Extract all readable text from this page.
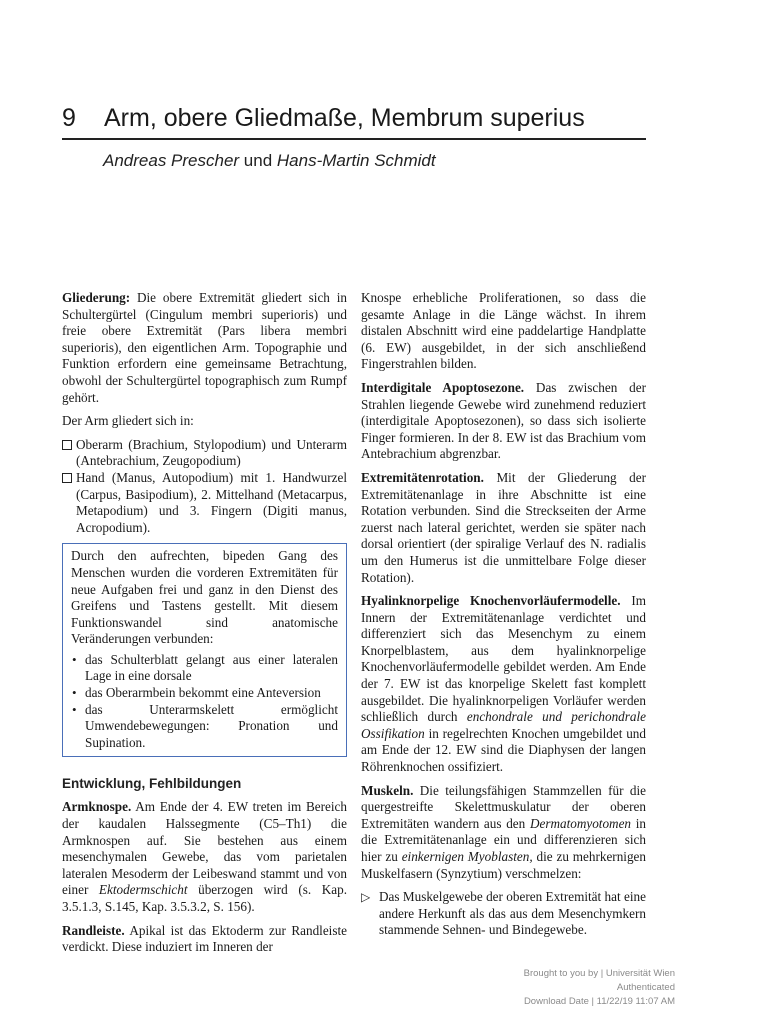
9 Arm, obere Gliedmaße, Membrum superius

Andreas Prescher und Hans-Martin Schmidt

Gliederung: Die obere Extremität gliedert sich in Schultergürtel (Cingulum membri superioris) und freie obere Extremität (Pars libera membri superioris), den eigentlichen Arm. Topographie und Funktion erfordern eine gemeinsame Betrachtung, obwohl der Schultergürtel topographisch zum Rumpf gehört.

Der Arm gliedert sich in:

Oberarm (Brachium, Stylopodium) und Unterarm (Antebrachium, Zeugopodium)
Hand (Manus, Autopodium) mit 1. Handwurzel (Carpus, Basipodium), 2. Mittelhand (Metacarpus, Metapodium) und 3. Fingern (Digiti manus, Acropodium).

Durch den aufrechten, bipeden Gang des Menschen wurden die vorderen Extremitäten für neue Aufgaben frei und ganz in den Dienst des Greifens und Tastens gestellt. Mit diesem Funktionswandel sind anatomische Veränderungen verbunden:

• das Schulterblatt gelangt aus einer lateralen Lage in eine dorsale
• das Oberarmbein bekommt eine Anteversion
• das Unterarmskelett ermöglicht Umwendebewegungen: Pronation und Supination.
Entwicklung, Fehlbildungen

Armknospe. Am Ende der 4. EW treten im Bereich der kaudalen Halssegmente (C5–Th1) die Armknospen auf. Sie bestehen aus einem mesenchymalen Gewebe, das vom parietalen lateralen Mesoderm der Leibeswand stammt und von einer Ektodermschicht überzogen wird (s. Kap. 3.5.1.3, S.145, Kap. 3.5.3.2, S. 156).

Randleiste. Apikal ist das Ektoderm zur Randleiste verdickt. Diese induziert im Inneren der

Knospe erhebliche Proliferationen, so dass die gesamte Anlage in die Länge wächst. In ihrem distalen Abschnitt wird eine paddelartige Handplatte (6. EW) ausgebildet, in der sich anschließend Fingerstrahlen bilden.

Interdigitale Apoptosezone. Das zwischen der Strahlen liegende Gewebe wird zunehmend reduziert (interdigitale Apoptosezonen), so dass sich isolierte Finger formieren. In der 8. EW ist das Brachium vom Antebrachium abgrenzbar.

Extremitätenrotation. Mit der Gliederung der Extremitätenanlage in ihre Abschnitte ist eine Rotation verbunden. Sind die Streckseiten der Arme zuerst nach lateral gerichtet, werden sie später nach dorsal orientiert (der spiralige Verlauf des N. radialis um den Humerus ist die unmittelbare Folge dieser Rotation).

Hyalinknorpelige Knochenvorläufermodelle. Im Innern der Extremitätenanlage verdichtet und differenziert sich das Mesenchym zu einem Knorpelblastem, aus dem hyalinknorpelige Knochenvorläufermodelle gebildet werden. Am Ende der 7. EW ist das knorpelige Skelett fast komplett ausgebildet. Die hyalinknorpeligen Vorläufer werden schließlich durch enchondrale und perichondrale Ossifikation in regelrechten Knochen umgebildet und am Ende der 12. EW sind die Diaphysen der langen Röhrenknochen ossifiziert.

Muskeln. Die teilungsfähigen Stammzellen für die quergestreifte Skelettmuskulatur der oberen Extremitäten wandern aus den Dermatomyotomen in die Extremitätenanlage ein und differenzieren sich hier zu einkernigen Myoblasten, die zu mehrkernigen Muskelfasern (Synzytium) verschmelzen:

▷ Das Muskelgewebe der oberen Extremität hat eine andere Herkunft als das aus dem Mesenchymkern stammende Sehnen- und Bindegewebe.
Brought to you by | Universität Wien
Authenticated
Download Date | 11/22/19 11:07 AM
